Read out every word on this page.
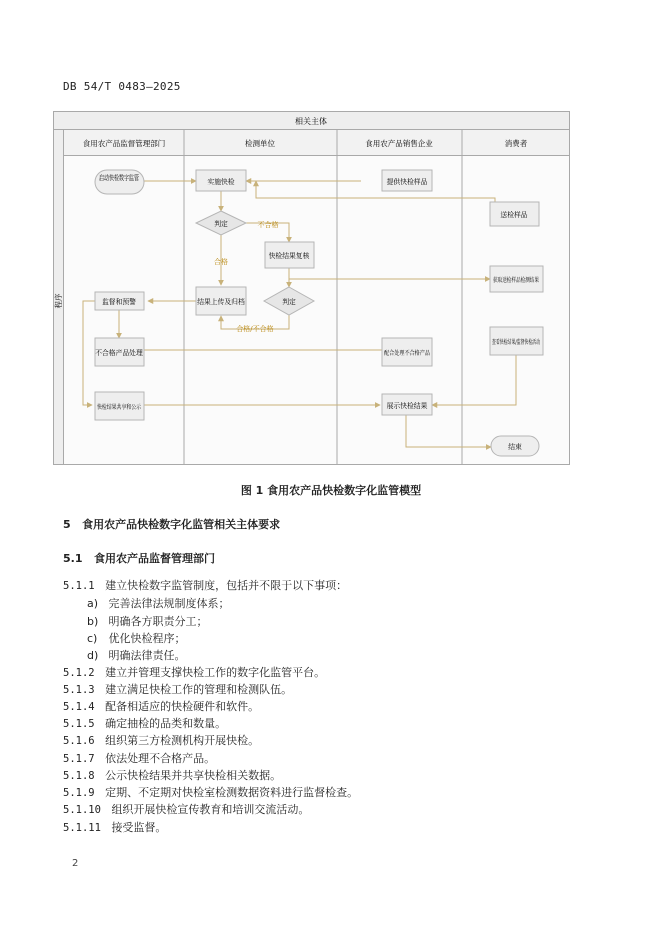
DB 54/T 0483—2025
相关主体
程序
食用农产品监督管理部门	检测单位	食用农产品销售企业	消费者
不合格
合格
合格/不合格
启动快检数字监管	实施快检	提供快检样品
送检样品
判定
快检结果复核
获取送检样品检测结果
监督和预警	结果上传及归档	判定
不合格产品处理	配合处理不合格产品
查看快检结果/监督快检活动
快检结果共享和公示	展示快检结果
结束
图 1 食用农产品快检数字化监管模型
5 食用农产品快检数字化监管相关主体要求
5.1 食用农产品监督管理部门
5.1.1 建立快检数字监管制度，包括并不限于以下事项：
a) 完善法律法规制度体系；
b) 明确各方职责分工；
c) 优化快检程序；
d) 明确法律责任。
5.1.2 建立并管理支撑快检工作的数字化监管平台。
5.1.3 建立满足快检工作的管理和检测队伍。
5.1.4 配备相适应的快检硬件和软件。
5.1.5 确定抽检的品类和数量。
5.1.6 组织第三方检测机构开展快检。
5.1.7 依法处理不合格产品。
5.1.8 公示快检结果并共享快检相关数据。
5.1.9 定期、不定期对快检室检测数据资料进行监督检查。
5.1.10 组织开展快检宣传教育和培训交流活动。
5.1.11 接受监督。
2
